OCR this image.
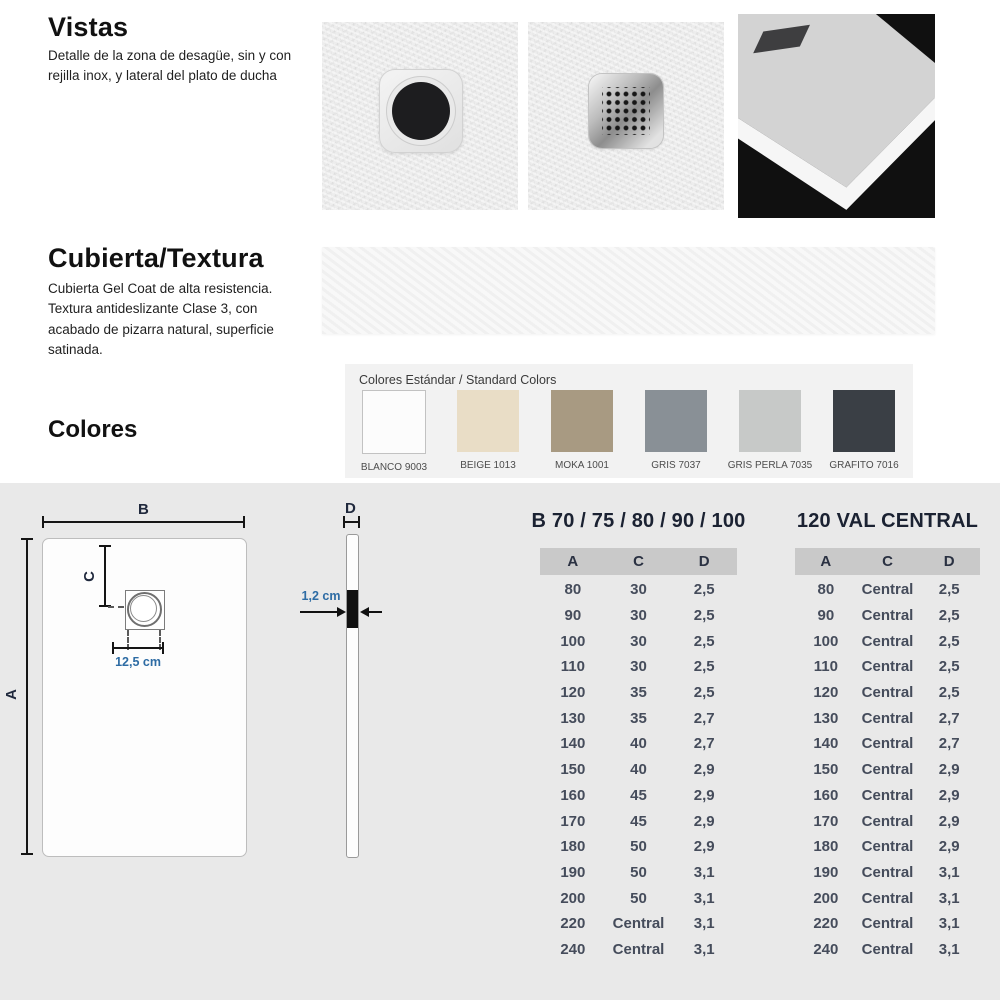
Vistas
Detalle de la zona de desagüe, sin y con rejilla inox, y lateral del plato de ducha
Cubierta/Textura
Cubierta Gel Coat de alta resistencia. Textura antideslizante Clase 3, con acabado de pizarra natural, superficie satinada.
Colores
Colores Estándar / Standard Colors
BLANCO 9003	BEIGE 1013	MOKA 1001	GRIS 7037	GRIS PERLA 7035 GRAFITO 7016
B
A
C
12,5 cm
D
1,2 cm
B 70 / 75 / 80 / 90 / 100
A	C	D
80	30	2,5
90	30	2,5
100	30	2,5
110	30	2,5
120	35	2,5
130	35	2,7
140	40	2,7
150	40	2,9
160	45	2,9
170	45	2,9
180	50	2,9
190	50	3,1
200	50	3,1
220	Central	3,1
240	Central	3,1
120 VAL CENTRAL
A	C	D
80	Central	2,5
90	Central	2,5
100	Central	2,5
110	Central	2,5
120	Central	2,5
130	Central	2,7
140	Central	2,7
150	Central	2,9
160	Central	2,9
170	Central	2,9
180	Central	2,9
190	Central	3,1
200	Central	3,1
220	Central	3,1
240	Central	3,1
